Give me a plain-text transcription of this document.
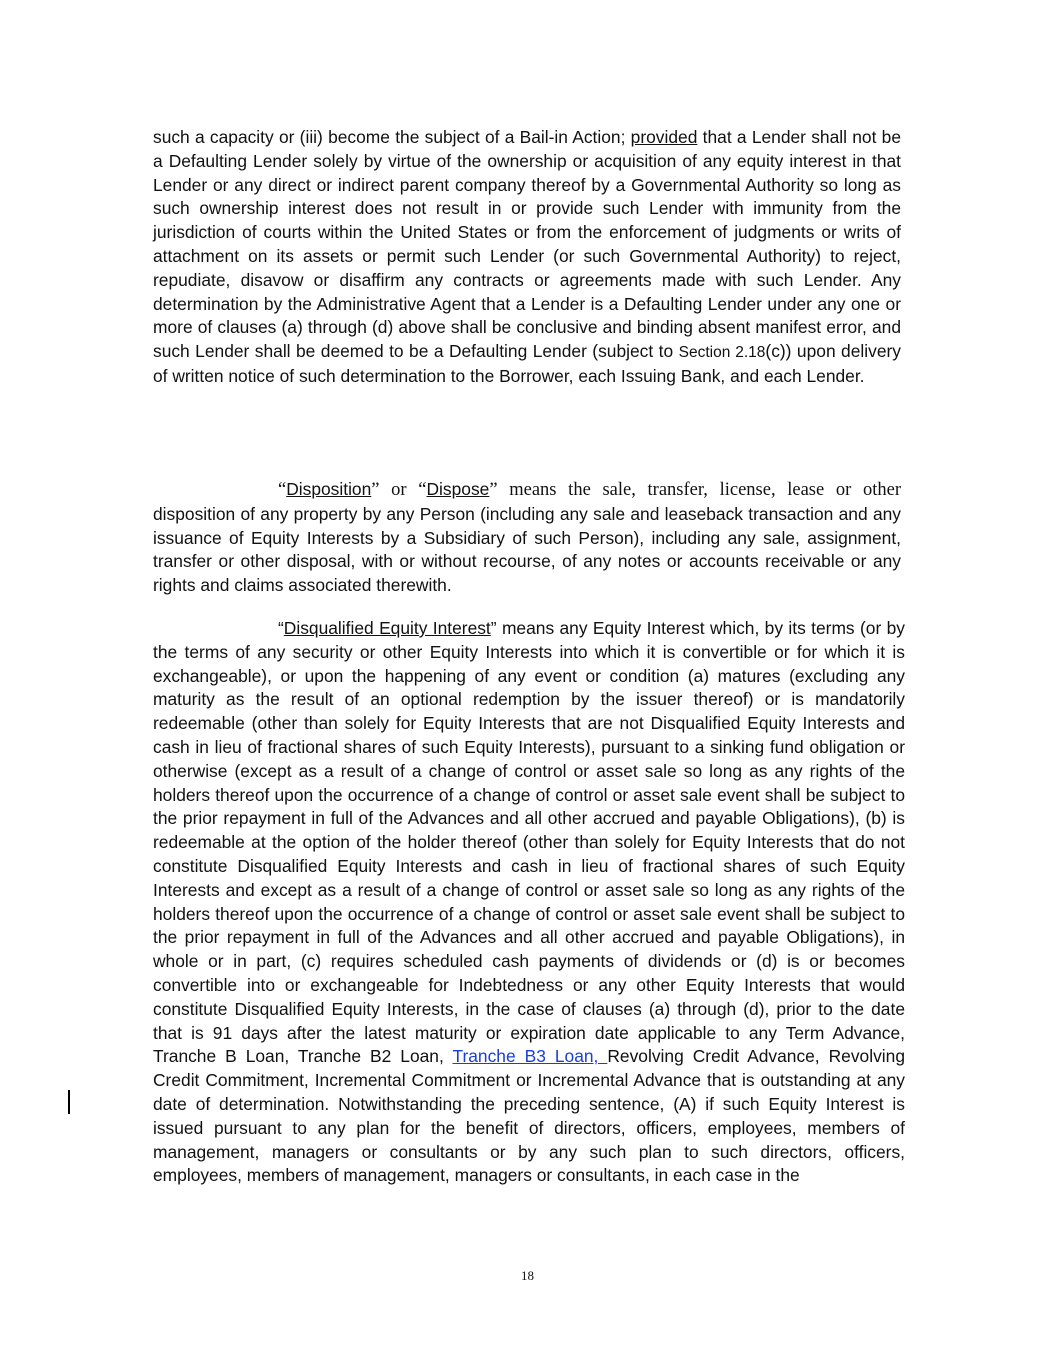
such a capacity or (iii) become the subject of a Bail-in Action; provided that a Lender shall not be a Defaulting Lender solely by virtue of the ownership or acquisition of any equity interest in that Lender or any direct or indirect parent company thereof by a Governmental Authority so long as such ownership interest does not result in or provide such Lender with immunity from the jurisdiction of courts within the United States or from the enforcement of judgments or writs of attachment on its assets or permit such Lender (or such Governmental Authority) to reject, repudiate, disavow or disaffirm any contracts or agreements made with such Lender. Any determination by the Administrative Agent that a Lender is a Defaulting Lender under any one or more of clauses (a) through (d) above shall be conclusive and binding absent manifest error, and such Lender shall be deemed to be a Defaulting Lender (subject to Section 2.18(c)) upon delivery of written notice of such determination to the Borrower, each Issuing Bank, and each Lender.
“Disposition” or “Dispose” means the sale, transfer, license, lease or other disposition of any property by any Person (including any sale and leaseback transaction and any issuance of Equity Interests by a Subsidiary of such Person), including any sale, assignment, transfer or other disposal, with or without recourse, of any notes or accounts receivable or any rights and claims associated therewith.
“Disqualified Equity Interest” means any Equity Interest which, by its terms (or by the terms of any security or other Equity Interests into which it is convertible or for which it is exchangeable), or upon the happening of any event or condition (a) matures (excluding any maturity as the result of an optional redemption by the issuer thereof) or is mandatorily redeemable (other than solely for Equity Interests that are not Disqualified Equity Interests and cash in lieu of fractional shares of such Equity Interests), pursuant to a sinking fund obligation or otherwise (except as a result of a change of control or asset sale so long as any rights of the holders thereof upon the occurrence of a change of control or asset sale event shall be subject to the prior repayment in full of the Advances and all other accrued and payable Obligations), (b) is redeemable at the option of the holder thereof (other than solely for Equity Interests that do not constitute Disqualified Equity Interests and cash in lieu of fractional shares of such Equity Interests and except as a result of a change of control or asset sale so long as any rights of the holders thereof upon the occurrence of a change of control or asset sale event shall be subject to the prior repayment in full of the Advances and all other accrued and payable Obligations), in whole or in part, (c) requires scheduled cash payments of dividends or (d) is or becomes convertible into or exchangeable for Indebtedness or any other Equity Interests that would constitute Disqualified Equity Interests, in the case of clauses (a) through (d), prior to the date that is 91 days after the latest maturity or expiration date applicable to any Term Advance, Tranche B Loan, Tranche B2 Loan, Tranche B3 Loan, Revolving Credit Advance, Revolving Credit Commitment, Incremental Commitment or Incremental Advance that is outstanding at any date of determination. Notwithstanding the preceding sentence, (A) if such Equity Interest is issued pursuant to any plan for the benefit of directors, officers, employees, members of management, managers or consultants or by any such plan to such directors, officers, employees, members of management, managers or consultants, in each case in the
18
